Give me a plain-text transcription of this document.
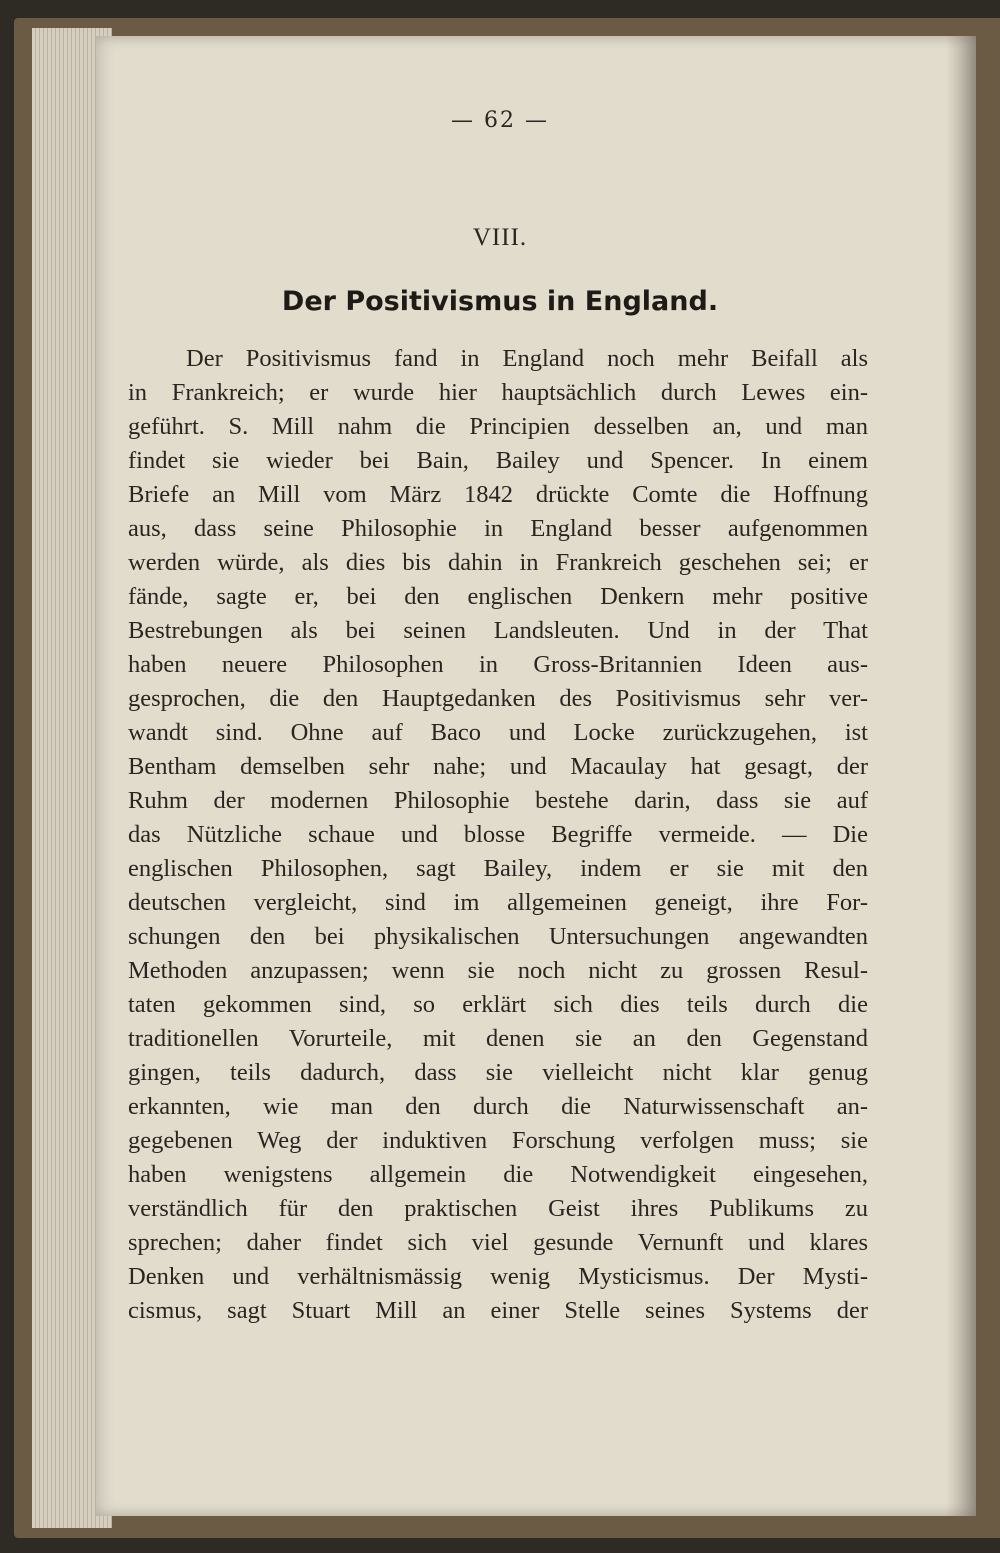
— 62 —
VIII.
Der Positivismus in England.
Der Positivismus fand in England noch mehr Beifall als
in Frankreich; er wurde hier hauptsächlich durch Lewes ein-
geführt. S. Mill nahm die Principien desselben an, und man
findet sie wieder bei Bain, Bailey und Spencer. In einem
Briefe an Mill vom März 1842 drückte Comte die Hoffnung
aus, dass seine Philosophie in England besser aufgenommen
werden würde, als dies bis dahin in Frankreich geschehen sei; er
fände, sagte er, bei den englischen Denkern mehr positive
Bestrebungen als bei seinen Landsleuten. Und in der That
haben neuere Philosophen in Gross-Britannien Ideen aus-
gesprochen, die den Hauptgedanken des Positivismus sehr ver-
wandt sind. Ohne auf Baco und Locke zurückzugehen, ist
Bentham demselben sehr nahe; und Macaulay hat gesagt, der
Ruhm der modernen Philosophie bestehe darin, dass sie auf
das Nützliche schaue und blosse Begriffe vermeide. — Die
englischen Philosophen, sagt Bailey, indem er sie mit den
deutschen vergleicht, sind im allgemeinen geneigt, ihre For-
schungen den bei physikalischen Untersuchungen angewandten
Methoden anzupassen; wenn sie noch nicht zu grossen Resul-
taten gekommen sind, so erklärt sich dies teils durch die
traditionellen Vorurteile, mit denen sie an den Gegenstand
gingen, teils dadurch, dass sie vielleicht nicht klar genug
erkannten, wie man den durch die Naturwissenschaft an-
gegebenen Weg der induktiven Forschung verfolgen muss; sie
haben wenigstens allgemein die Notwendigkeit eingesehen,
verständlich für den praktischen Geist ihres Publikums zu
sprechen; daher findet sich viel gesunde Vernunft und klares
Denken und verhältnismässig wenig Mysticismus. Der Mysti-
cismus, sagt Stuart Mill an einer Stelle seines Systems der
